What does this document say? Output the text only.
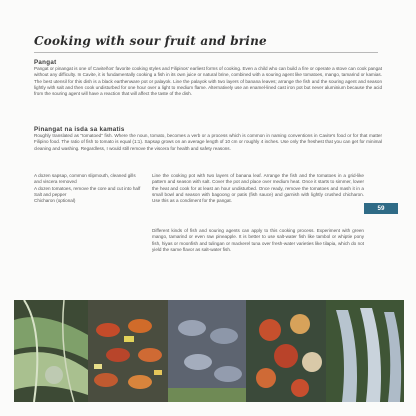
Cooking with sour fruit and brine
Pangat
Pangat or pinangat is one of Caviteños' favorite cooking styles and Filipinos' earliest forms of cooking. Even a child who can build a fire or operate a stove can cook pangat without any difficulty. In Cavite, it is fundamentally cooking a fish in its own juice or natural brine, combined with a souring agent like tomatoes, mango, tamarind or kamias. The best utensil for this dish is a black earthenware pot or palayok. Line the palayok with two layers of banana leaves; arrange the fish and the souring agent and season lightly with salt and then cook undisturbed for one hour over a light to medium flame. Alternatively use an enamel-lined cast iron pot but never aluminium because the acid from the souring agent will have a reaction that will affect the taste of the dish.
Pinangat na isda sa kamatis
Roughly translated as "tomatoed" fish. Where the noun, tomato, becomes a verb or a process which is common in naming conventions in Cavite's food or for that matter Filipino food. The ratio of fish to tomato is equal (1:1). Sapsap grows on an average length of 10 cm or roughly 4 inches. Use only the freshest that you can get for minimal cleaning and washing. Regardless, I would still remove the viscera for health and safety reasons.
A dozen sapsap, common slipmouth, cleaned gills and viscera removed
A dozen tomatoes, remove the core and cut into half
Salt and pepper
Chicharon (optional)
Line the cooking pot with two layers of banana leaf. Arrange the fish and the tomatoes in a grid-like pattern and season with salt. Cover the pot and place over medium heat. Once it starts to simmer, lower the heat and cook for at least an hour undisturbed. Once ready, remove the tomatoes and mash it in a small bowl and season with bagoong or patis (fish sauce) and garnish with lightly crushed chicharon. Use this as a condiment for the pangat.
Different kinds of fish and souring agents can apply to this cooking process. Experiment with green mango, tamarind or even raw pineapple. It is better to use salt-water fish like tambol or whiptie pony fish, hiyas or moonfish and tulingan or mackerel tuna over fresh-water varieties like tilapia, which do not yield the same flavor as salt-water fish.
59
